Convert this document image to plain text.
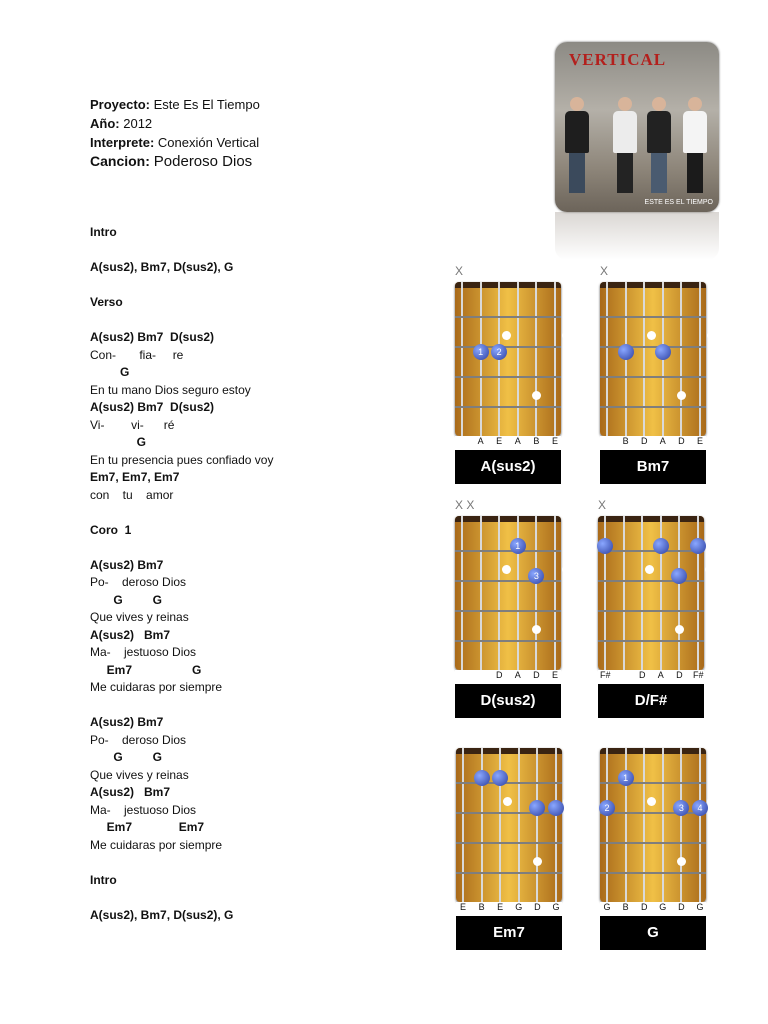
Proyecto: Este Es El Tiempo
Año: 2012
Interprete: Conexión Vertical
Cancion: Poderoso Dios
VERTICAL
ESTE ES EL TIEMPO
Intro
A(sus2), Bm7, D(sus2), G
Verso
A(sus2) Bm7  D(sus2)
Con-       fia-     re
G
En tu mano Dios seguro estoy
A(sus2) Bm7  D(sus2)
Vi-        vi-      ré
G
En tu presencia pues confiado voy
Em7, Em7, Em7
con    tu    amor
Coro  1
A(sus2) Bm7
Po-    deroso Dios
G         G
Que vives y reinas
A(sus2)   Bm7
Ma-    jestuoso Dios
Em7                  G
Me cuidaras por siempre
A(sus2) Bm7
Po-    deroso Dios
G         G
Que vives y reinas
A(sus2)   Bm7
Ma-    jestuoso Dios
Em7              Em7
Me cuidaras por siempre
Intro
A(sus2), Bm7, D(sus2), G
X
1	2
A E A B E
A(sus2)
X
B D A D E
Bm7
X X
1
3
D A D E
D(sus2)
X
F#	D A D F#
D/F#
E B E G D G
Em7
1
2	3	4
G B D G D G
G
